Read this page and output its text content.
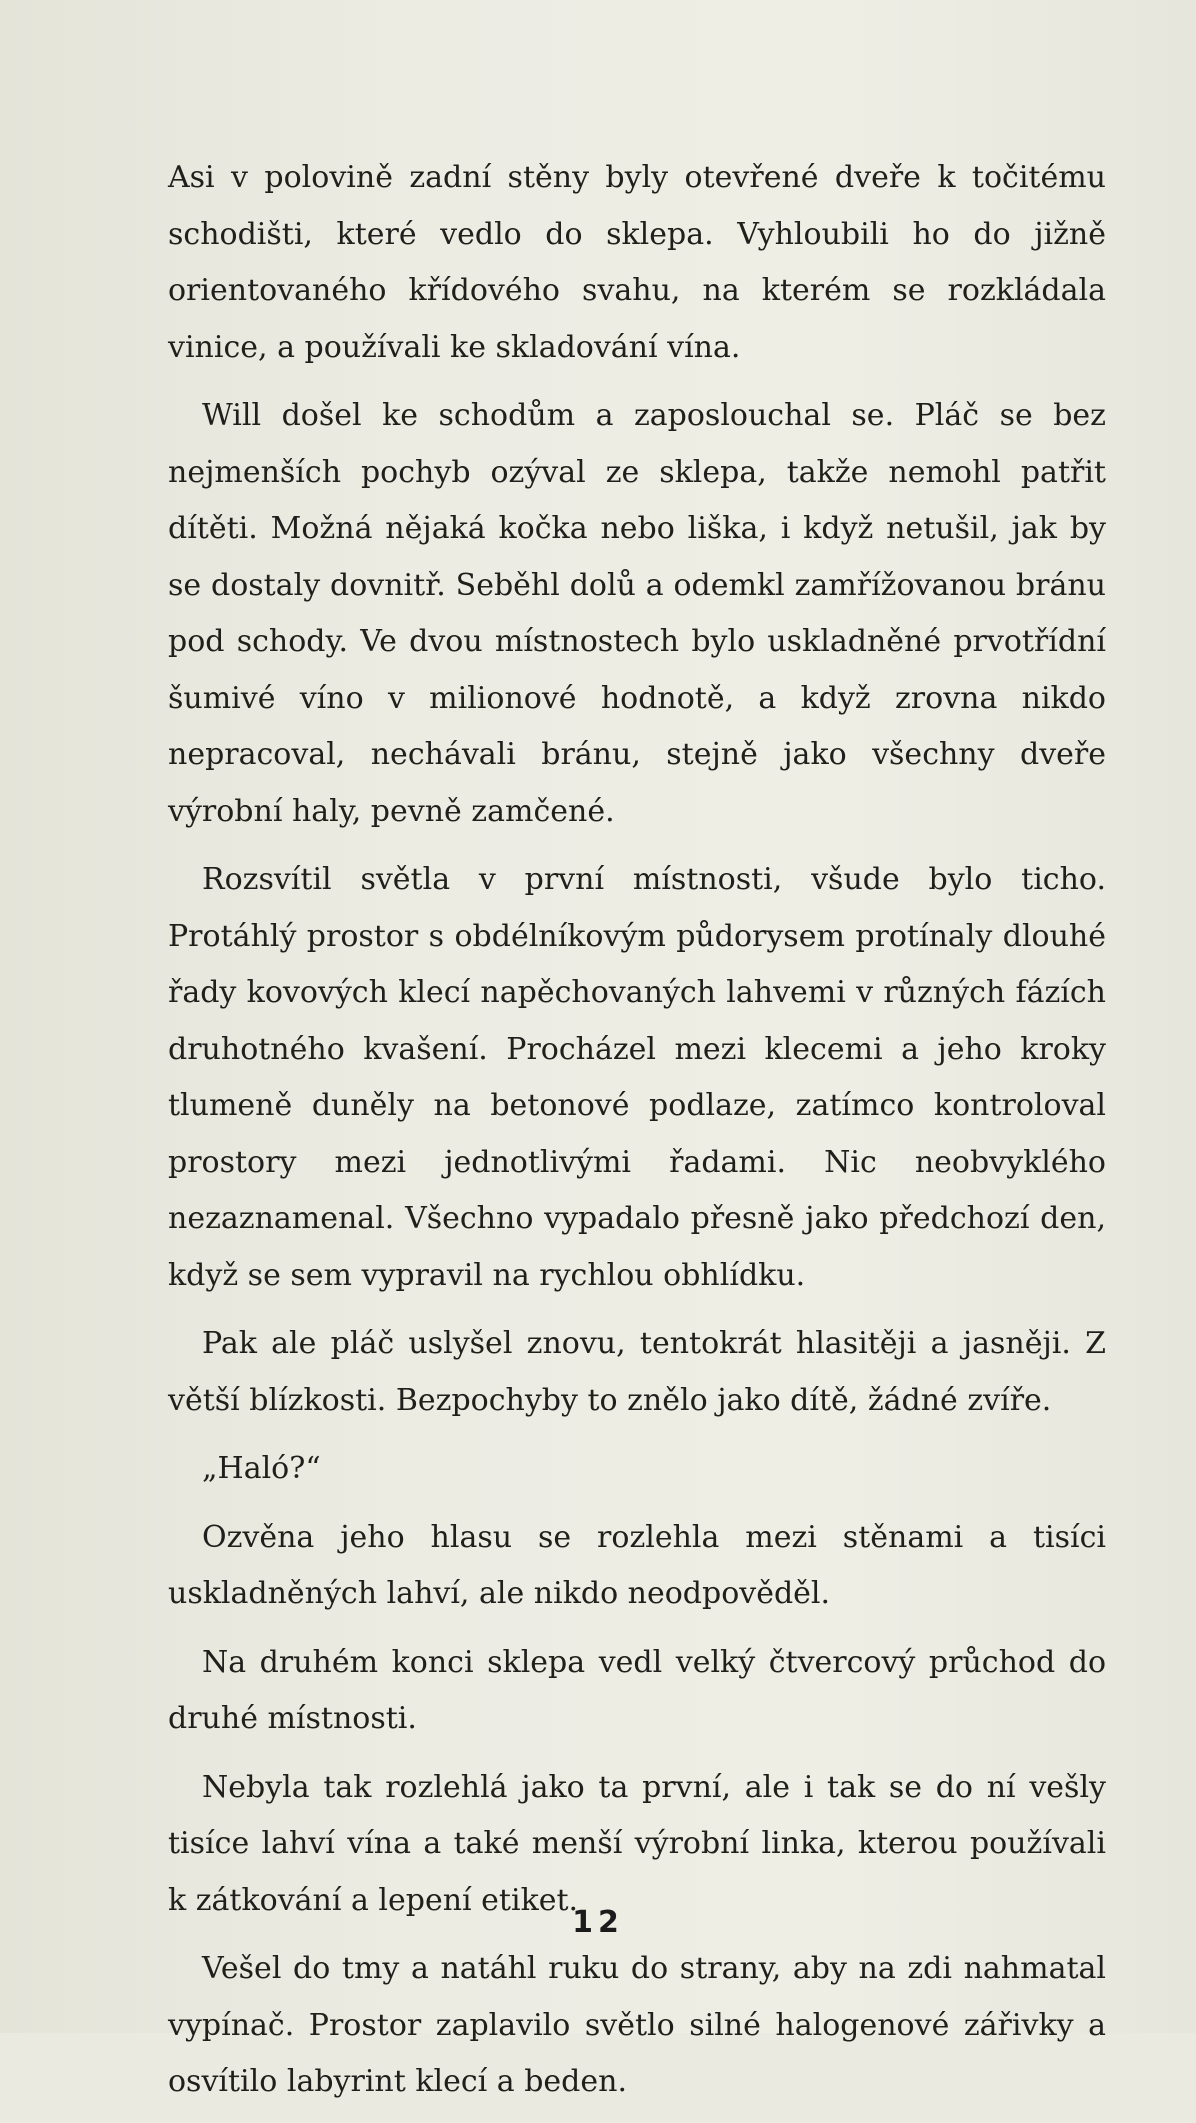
Asi v polovině zadní stěny byly otevřené dveře k točitému schodišti, které vedlo do sklepa. Vyhloubili ho do jižně orientovaného křídového svahu, na kterém se rozkládala vinice, a používali ke skladování vína.

Will došel ke schodům a zaposlouchal se. Pláč se bez nejmenších pochyb ozýval ze sklepa, takže nemohl patřit dítěti. Možná nějaká kočka nebo liška, i když netušil, jak by se dostaly dovnitř. Seběhl dolů a odemkl zamřížovanou bránu pod schody. Ve dvou místnostech bylo uskladněné prvotřídní šumivé víno v milionové hodnotě, a když zrovna nikdo nepracoval, nechávali bránu, stejně jako všechny dveře výrobní haly, pevně zamčené.

Rozsvítil světla v první místnosti, všude bylo ticho. Protáhlý prostor s obdélníkovým půdorysem protínaly dlouhé řady kovových klecí napěchovaných lahvemi v různých fázích druhotného kvašení. Procházel mezi klecemi a jeho kroky tlumeně duněly na betonové podlaze, zatímco kontroloval prostory mezi jednotlivými řadami. Nic neobvyklého nezaznamenal. Všechno vypadalo přesně jako předchozí den, když se sem vypravil na rychlou obhlídku.

Pak ale pláč uslyšel znovu, tentokrát hlasitěji a jasněji. Z větší blízkosti. Bezpochyby to znělo jako dítě, žádné zvíře.

„Haló?“

Ozvěna jeho hlasu se rozlehla mezi stěnami a tisíci uskladněných lahví, ale nikdo neodpověděl.

Na druhém konci sklepa vedl velký čtvercový průchod do druhé místnosti.

Nebyla tak rozlehlá jako ta první, ale i tak se do ní vešly tisíce lahví vína a také menší výrobní linka, kterou používali k zátkování a lepení etiket.

Vešel do tmy a natáhl ruku do strany, aby na zdi nahmatal vypínač. Prostor zaplavilo světlo silné halogenové zářivky a osvítilo labyrint klecí a beden.

12
